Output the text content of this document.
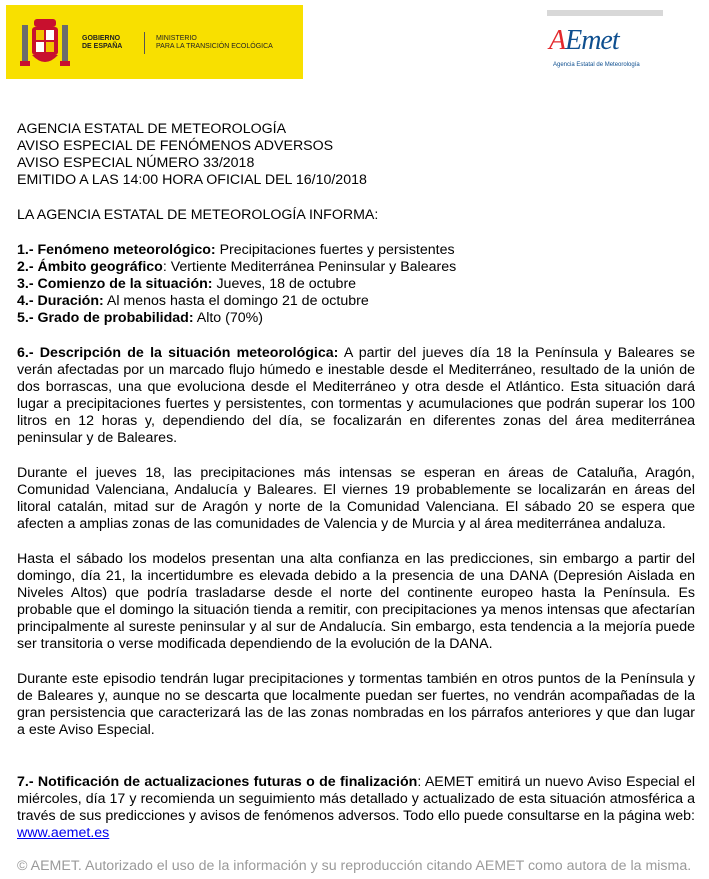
GOBIERNO
DE ESPAÑA
MINISTERIO
PARA LA TRANSICIÓN ECOLÓGICA	AEmet
Agencia Estatal de Meteorología

AGENCIA ESTATAL DE METEOROLOGÍA

AVISO ESPECIAL DE FENÓMENOS ADVERSOS

AVISO ESPECIAL NÚMERO 33/2018

EMITIDO A LAS 14:00 HORA OFICIAL DEL 16/10/2018

LA AGENCIA ESTATAL DE METEOROLOGÍA INFORMA:

1.- Fenómeno meteorológico: Precipitaciones fuertes y persistentes

2.- Ámbito geográfico: Vertiente Mediterránea Peninsular y Baleares

3.- Comienzo de la situación: Jueves, 18 de octubre

4.- Duración: Al menos hasta el domingo 21 de octubre

5.- Grado de probabilidad: Alto (70%)

6.- Descripción de la situación meteorológica: A partir del jueves día 18 la Península y Baleares se verán afectadas por un marcado flujo húmedo e inestable desde el Mediterráneo, resultado de la unión de dos borrascas, una que evoluciona desde el Mediterráneo y otra desde el Atlántico. Esta situación dará lugar a precipitaciones fuertes y persistentes, con tormentas y acumulaciones que podrán superar los 100 litros en 12 horas y, dependiendo del día, se focalizarán en diferentes zonas del área mediterránea peninsular y de Baleares.

Durante el jueves 18, las precipitaciones más intensas se esperan en áreas de Cataluña, Aragón, Comunidad Valenciana, Andalucía y Baleares. El viernes 19 probablemente se localizarán en áreas del litoral catalán, mitad sur de Aragón y norte de la Comunidad Valenciana. El sábado 20 se espera que afecten a amplias zonas de las comunidades de Valencia y de Murcia y al área mediterránea andaluza.

Hasta el sábado los modelos presentan una alta confianza en las predicciones, sin embargo a partir del domingo, día 21, la incertidumbre es elevada debido a la presencia de una DANA (Depresión Aislada en Niveles Altos) que podría trasladarse desde el norte del continente europeo hasta la Península. Es probable que el domingo la situación tienda a remitir, con precipitaciones ya menos intensas que afectarían principalmente al sureste peninsular y al sur de Andalucía. Sin embargo, esta tendencia a la mejoría puede ser transitoria o verse modificada dependiendo de la evolución de la DANA.

Durante este episodio tendrán lugar precipitaciones y tormentas también en otros puntos de la Península y de Baleares y, aunque no se descarta que localmente puedan ser fuertes, no vendrán acompañadas de la gran persistencia que caracterizará las de las zonas nombradas en los párrafos anteriores y que dan lugar a este Aviso Especial.

7.- Notificación de actualizaciones futuras o de finalización: AEMET emitirá un nuevo Aviso Especial el miércoles, día 17 y recomienda un seguimiento más detallado y actualizado de esta situación atmosférica a través de sus predicciones y avisos de fenómenos adversos. Todo ello puede consultarse en la página web: www.aemet.es

© AEMET. Autorizado el uso de la información y su reproducción citando AEMET como autora de la misma.
